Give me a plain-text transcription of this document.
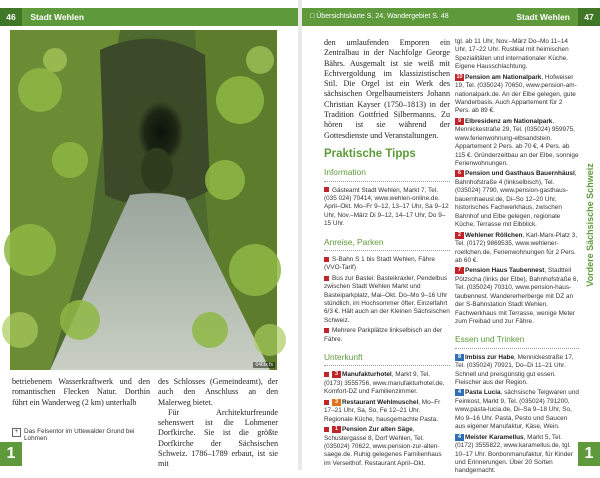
46 Stadt Wehlen
046ts fs

betriebenem Wasserkraftwerk und den romantischen Flecken Natur. Dorthin führt ein Wanderweg (2 km) unterhalb

des Schlosses (Gemeindeamt), der auch den Anschluss an den Malerweg bietet.

Für Architekturfreunde sehenswert ist die Lohmener Dorfkirche. Sie ist die größte Dorfkirche der Sächsischen Schweiz. 1786–1789 erbaut, ist sie mit

+ Das Felsentor im Uttewalder Grund bei Lohmen
1
□ Übersichtskarte S. 24, Wandergebiet S. 48	Stadt Wehlen	47

den umlaufenden Emporen ein Zentralbau in der Nachfolge George Bährs. Ausgemalt ist sie weiß mit Echtvergoldung im klassizistischen Stil. Die Orgel ist ein Werk des sächsischen Orgelbaumeisters Johann Christian Kayser (1750–1813) in der Tradition Gottfried Silbermanns. Zu hören ist sie während der Gottesdienste und Veranstaltungen.

Praktische Tipps
Information

Gästeamt Stadt Wehlen, Markt 7, Tel. (035 024) 70414, www.wehlen-online.de. April–Okt. Mo–Fr 9–12, 13–17 Uhr, Sa 9–12 Uhr, Nov.–März Di 9–12, 14–17 Uhr, Do 9–15 Uhr.

Anreise, Parken

S-Bahn S 1 bis Stadt Wehlen, Fähre (VVO-Tarif)

Bus zur Bastei: Basteikraxler, Pendelbus zwischen Stadt Wehlen Markt und Basteiparkplatz, Mai–Okt. Do–Mo 9–16 Uhr stündlich, im Hochsommer öfter. Einzelfahrt 6/3 €. Hält auch an der Kleinen Sächsischen Schweiz.

Mehrere Parkplätze linkselbisch an der Fähre.

Unterkunft

3 Manufakturhotel, Markt 9, Tel. (0173) 3555756, www.manufakturhotel.de, Komfort-DZ und Familienzimmer.

3 Restaurant Wehlmuschel, Mo–Fr 17–21 Uhr, Sa, So, Fe 12–21 Uhr. Regionale Küche, hausgemachte Pasta.

1 Pension Zur alten Säge, Schustergasse 8, Dorf Wehlen, Tel. (035024) 70622, www.pension-zur-alten-saege.de. Ruhig gelegenes Familienhaus im Verseithof. Restaurant April–Okt.

tgl. ab 11 Uhr, Nov.–März Do–Mo 11–14 Uhr, 17–22 Uhr. Rustikal mit heimischen Spezialitäten und internationaler Küche. Eigene Hausschlachtung.

10 Pension am Nationalpark, Hofweiser 19, Tel. (035024) 70650, www.pension-am-nationalpark.de. An der Elbe gelegen, gute Wanderbasis. Auch Appartement für 2 Pers. ab 89 €.

9 Elbresidenz am Nationalpark, Mennickestraße 29, Tel. (035024) 959975, www.ferienwohnung-elbsandstein. Appartement 2 Pers. ab 70 €, 4 Pers. ab 115 €. Gründerzeitbau an der Elbe, sonnige Ferienwohnungen.

6 Pension und Gasthaus Bauernhäusl, Bahnhofstraße 4 (linkselbisch), Tel. (035024) 7790, www.pension-gasthaus-bauernhaeusl.de, Di–So 12–20 Uhr, historisches Fachwerkhaus, zwischen Bahnhof und Elbe gelegen, regionale Küche, Terrasse mit Elbblick.

2 Wehlener Röllchen, Karl-Marx-Platz 3, Tel. (0172) 9869535, www.wehlener-roellchen.de, Ferienwohnungen für 2 Pers. ab 60 €.

7 Pension Haus Taubennest, Stadtteil Pötzscha (links der Elbe), Bahnhofstraße 6, Tel. (035024) 70310, www.pension-haus-taubennest. Wandererherberge mit DZ an der S-Bahnstation Stadt Wehlen. Fachwerkhaus mit Terrasse, wenige Meter zum Freibad und zur Fähre.

Essen und Trinken

8 Imbiss zur Habe, Mennickestraße 17, Tel. (035024) 70921, Do–Di 11–21 Uhr. Schnell und preisgünstig gut essen. Fleischer aus der Region.

4 Pasta Lucia, sächsische Teigwaren und Feinkost, Markt 9, Tel. (035024) 791200, www.pasta-lucia.de, Di–Sa 9–18 Uhr, So, Mo 9–16 Uhr. Pasta, Pesto und Saucen aus eigener Manufaktur, Käse, Wein.

4 Meister Karamellus, Markt 5, Tel. (0172) 3555822, www.karamellus.de, tgl. 10–17 Uhr. Bonbonmanufaktur, für Kinder und Erinnerungen. Über 20 Sorten handgemacht.

Vordere Sächsische Schweiz
1
